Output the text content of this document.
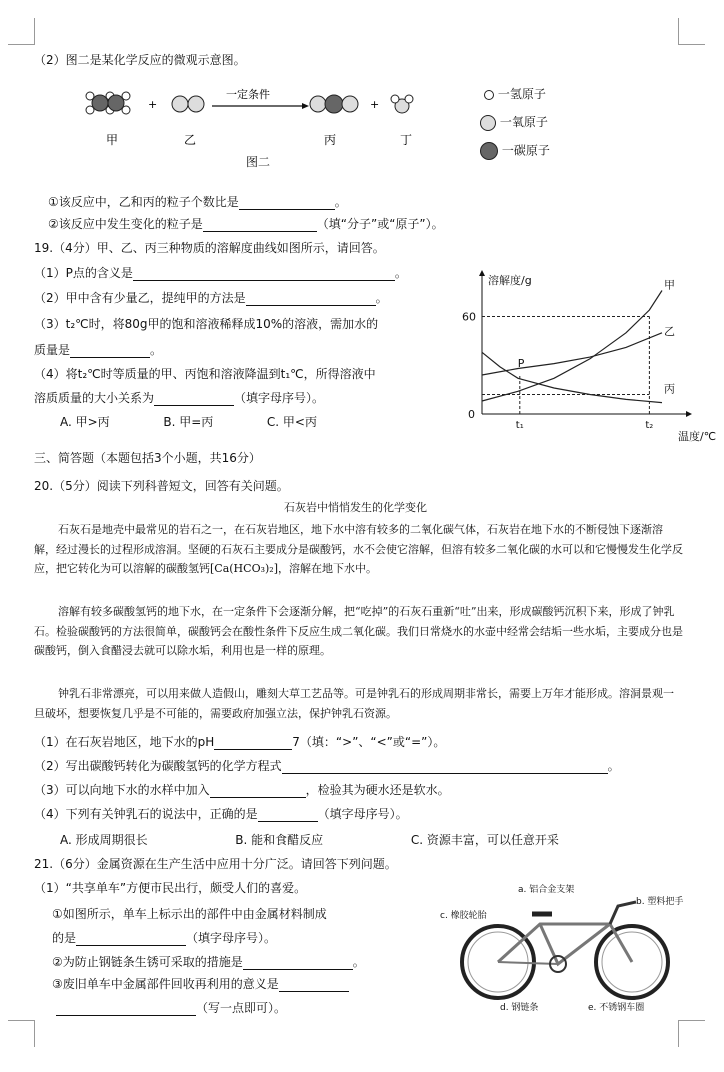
（2）图二是某化学反应的微观示意图。
+
一定条件
+
甲	乙	丙	丁
图二
一氢原子
一氧原子
一碳原子
①该反应中，乙和丙的粒子个数比是	。
②该反应中发生变化的粒子是	（填“分子”或“原子”）。
19.（4分）甲、乙、丙三种物质的溶解度曲线如图所示，请回答。
（1）P点的含义是	。
（2）甲中含有少量乙，提纯甲的方法是	。
（3）t₂℃时，将80g甲的饱和溶液稀释成10%的溶液，需加水的
质量是	。
（4）将t₂℃时等质量的甲、丙饱和溶液降温到t₁℃，所得溶液中
溶质质量的大小关系为	（填字母序号）。
A. 甲>丙	B. 甲=丙	C. 甲<丙
溶解度/g
温度/℃
0
60
t₁	t₂
P
甲
乙
丙
三、简答题（本题包括3个小题，共16分）
20.（5分）阅读下列科普短文，回答有关问题。
石灰岩中悄悄发生的化学变化
石灰石是地壳中最常见的岩石之一，在石灰岩地区，地下水中溶有较多的二氧化碳气体，石灰岩在地下水的不断侵蚀下逐渐溶解，经过漫长的过程形成溶洞。坚硬的石灰石主要成分是碳酸钙，水不会使它溶解，但溶有较多二氧化碳的水可以和它慢慢发生化学反应，把它转化为可以溶解的碳酸氢钙[Ca(HCO₃)₂]，溶解在地下水中。
溶解有较多碳酸氢钙的地下水，在一定条件下会逐渐分解，把“吃掉”的石灰石重新“吐”出来，形成碳酸钙沉积下来，形成了钟乳石。检验碳酸钙的方法很简单，碳酸钙会在酸性条件下反应生成二氧化碳。我们日常烧水的水壶中经常会结垢一些水垢，主要成分也是碳酸钙，倒入食醋浸去就可以除水垢，利用也是一样的原理。
钟乳石非常漂亮，可以用来做人造假山，雕刻大草工艺品等。可是钟乳石的形成周期非常长，需要上万年才能形成。溶洞景观一旦破坏，想要恢复几乎是不可能的，需要政府加强立法，保护钟乳石资源。
（1）在石灰岩地区，地下水的pH	7（填：“>”、“<”或“=”）。
（2）写出碳酸钙转化为碳酸氢钙的化学方程式	。
（3）可以向地下水的水样中加入	，检验其为硬水还是软水。
（4）下列有关钟乳石的说法中，正确的是	（填字母序号）。
A. 形成周期很长	B. 能和食醋反应	C. 资源丰富，可以任意开采
21.（6分）金属资源在生产生活中应用十分广泛。请回答下列问题。
（1）“共享单车”方便市民出行，颇受人们的喜爱。
①如图所示，单车上标示出的部件中由金属材料制成
的是	（填字母序号）。
②为防止钢链条生锈可采取的措施是	。
③废旧单车中金属部件回收再利用的意义是
（写一点即可）。
a. 铝合金支架
b. 塑料把手
c. 橡胶轮胎
d. 钢链条	e. 不锈钢车圈
